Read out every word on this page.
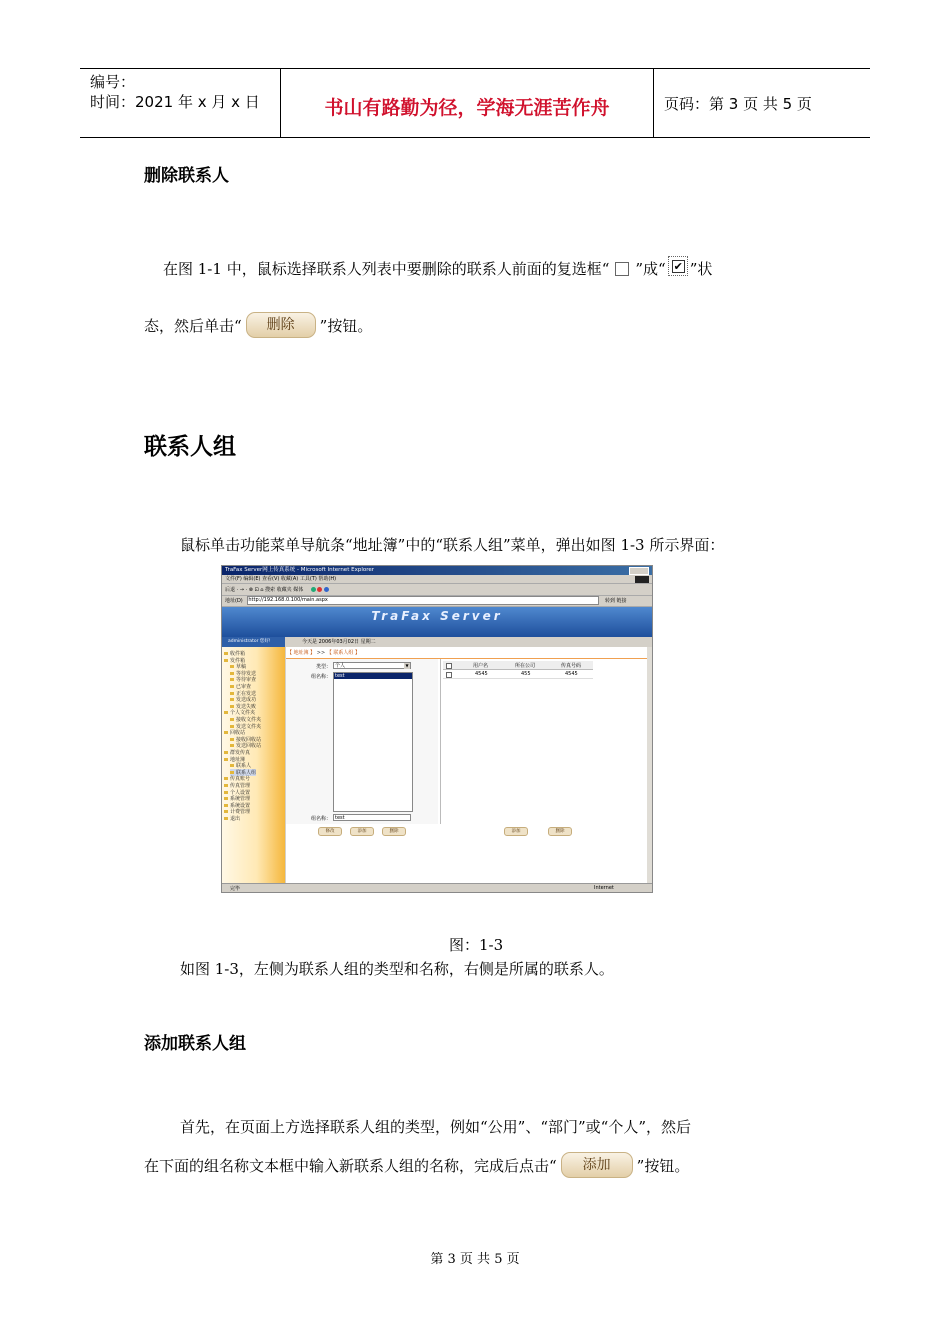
编号：
时间：2021 年 x 月 x 日	书山有路勤为径，学海无涯苦作舟	页码：第 3 页 共 5 页
删除联系人
在图 1-1 中，鼠标选择联系人列表中要删除的联系人前面的复选框“ ”成“ ✔ ”状
态，然后单击“ 删除 ”按钮。
联系人组
鼠标单击功能菜单导航条“地址簿”中的“联系人组”菜单，弹出如图 1-3 所示界面：
TraFax Server网上传真系统 - Microsoft Internet Explorer
文件(F) 编辑(E) 查看(V) 收藏(A) 工具(T) 帮助(H)
后退 · → · ⊗ ⊡ ⌂ 搜索 收藏夹 媒体
地址(D) http://192.168.0.100/main.aspx	转到 链接
TraFax Server
administrator 您好!	今天是 2006年03月02日 星期二
收件箱
发件箱
草稿
等待发送
等待审查
已审查
正在发送
发送成功
发送失败
个人文件夹
接收文件夹
发送文件夹
回收站
接收回收站
发送回收站
群发传真
地址簿
联系人
联系人组
传真账号
传真管理
个人设置
系统管理
系统设置
计费管理
退出
【 地址簿 】 >> 【 联系人组 】
类型： 个人	▼
组名称： test
组名称： test
修改	添加	删除
用户名	所在公司	传真号码
4545	455	4545
添加	删除
完毕	Internet
图：1-3
如图 1-3，左侧为联系人组的类型和名称，右侧是所属的联系人。
添加联系人组
首先，在页面上方选择联系人组的类型，例如“公用”、“部门”或“个人”，然后
在下面的组名称文本框中输入新联系人组的名称，完成后点击“ 添加 ”按钮。
第 3 页 共 5 页
